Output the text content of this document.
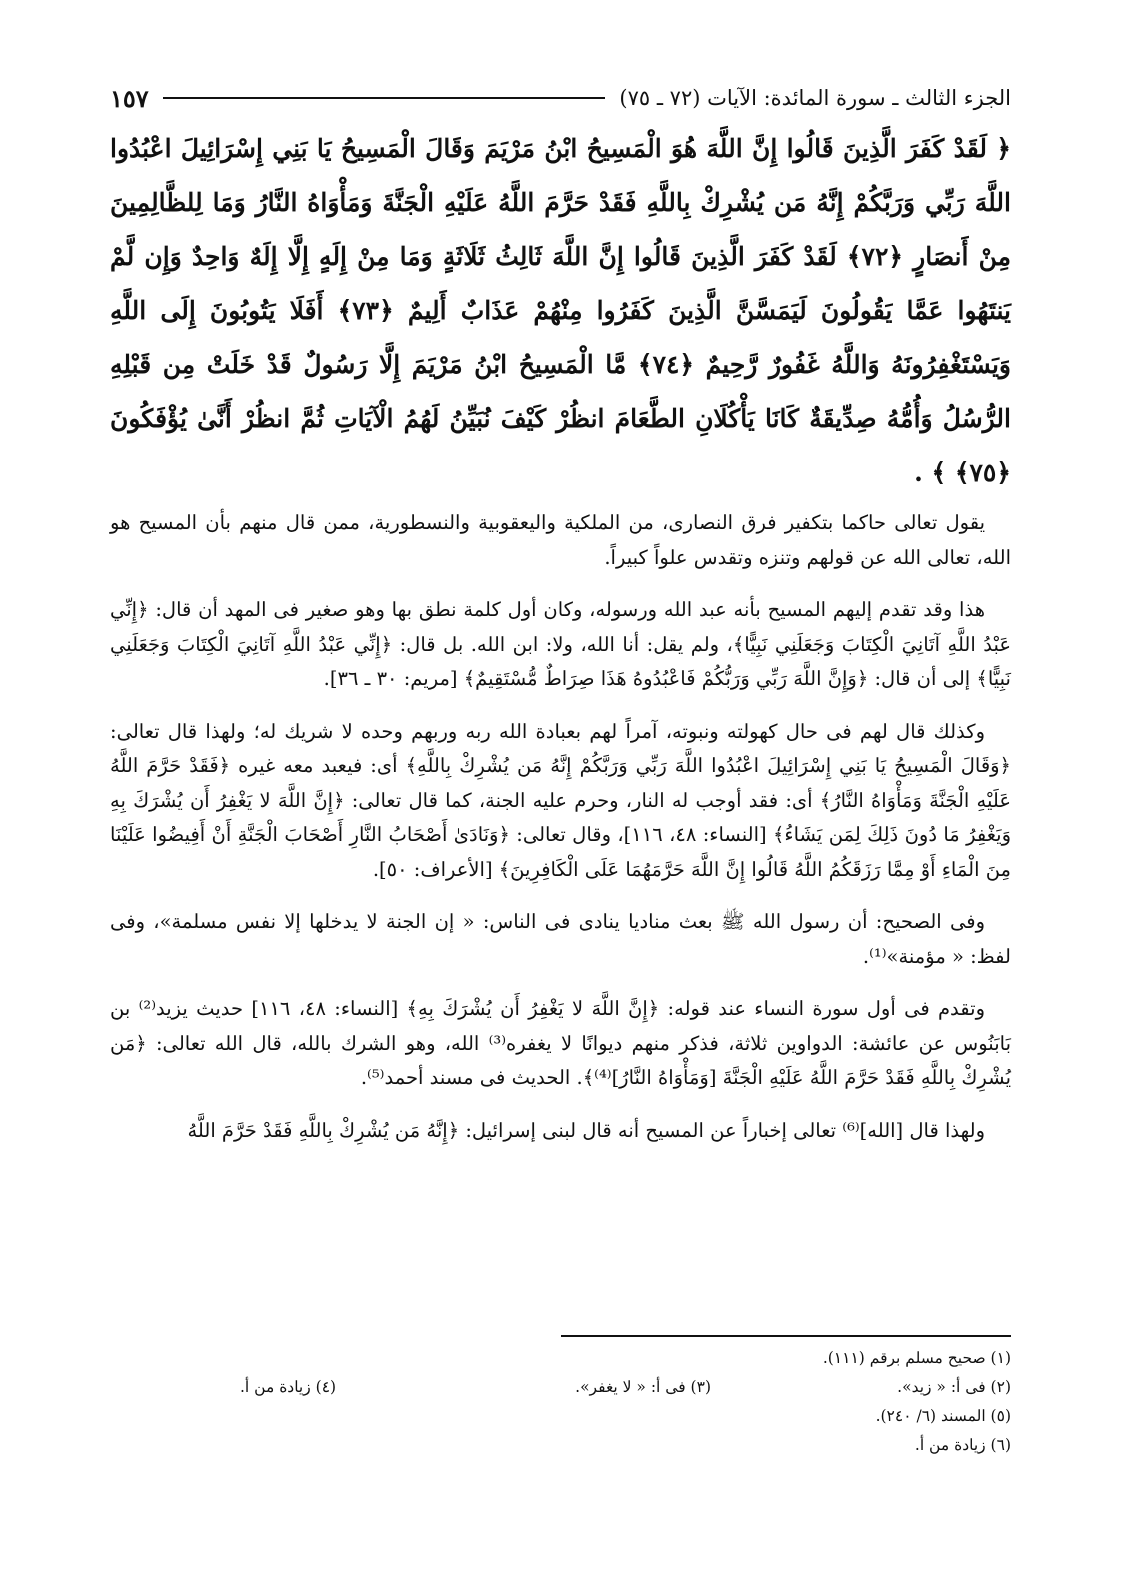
الجزء الثالث ـ سورة المائدة: الآيات (٧٢ ـ ٧٥)
١٥٧

﴿ لَقَدْ كَفَرَ الَّذِينَ قَالُوا إِنَّ اللَّهَ هُوَ الْمَسِيحُ ابْنُ مَرْيَمَ وَقَالَ الْمَسِيحُ يَا بَنِي إِسْرَائِيلَ اعْبُدُوا اللَّهَ رَبِّي وَرَبَّكُمْ إِنَّهُ مَن يُشْرِكْ بِاللَّهِ فَقَدْ حَرَّمَ اللَّهُ عَلَيْهِ الْجَنَّةَ وَمَأْوَاهُ النَّارُ وَمَا لِلظَّالِمِينَ مِنْ أَنصَارٍ ﴿٧٢﴾ لَقَدْ كَفَرَ الَّذِينَ قَالُوا إِنَّ اللَّهَ ثَالِثُ ثَلَاثَةٍ وَمَا مِنْ إِلَهٍ إِلَّا إِلَهٌ وَاحِدٌ وَإِن لَّمْ يَنتَهُوا عَمَّا يَقُولُونَ لَيَمَسَّنَّ الَّذِينَ كَفَرُوا مِنْهُمْ عَذَابٌ أَلِيمٌ ﴿٧٣﴾ أَفَلَا يَتُوبُونَ إِلَى اللَّهِ وَيَسْتَغْفِرُونَهُ وَاللَّهُ غَفُورٌ رَّحِيمٌ ﴿٧٤﴾ مَّا الْمَسِيحُ ابْنُ مَرْيَمَ إِلَّا رَسُولٌ قَدْ خَلَتْ مِن قَبْلِهِ الرُّسُلُ وَأُمُّهُ صِدِّيقَةٌ كَانَا يَأْكُلَانِ الطَّعَامَ انظُرْ كَيْفَ نُبَيِّنُ لَهُمُ الْآيَاتِ ثُمَّ انظُرْ أَنَّىٰ يُؤْفَكُونَ ﴿٧٥﴾ ﴾ .

يقول تعالى حاكما بتكفير فرق النصارى، من الملكية واليعقوبية والنسطورية، ممن قال منهم بأن المسيح هو الله، تعالى الله عن قولهم وتنزه وتقدس علواً كبيراً.

هذا وقد تقدم إليهم المسيح بأنه عبد الله ورسوله، وكان أول كلمة نطق بها وهو صغير فى المهد أن قال: ﴿إِنِّي عَبْدُ اللَّهِ آتَانِيَ الْكِتَابَ وَجَعَلَنِي نَبِيًّا﴾، ولم يقل: أنا الله، ولا: ابن الله. بل قال: ﴿إِنِّي عَبْدُ اللَّهِ آتَانِيَ الْكِتَابَ وَجَعَلَنِي نَبِيًّا﴾ إلى أن قال: ﴿وَإِنَّ اللَّهَ رَبِّي وَرَبُّكُمْ فَاعْبُدُوهُ هَذَا صِرَاطٌ مُّسْتَقِيمٌ﴾ [مريم: ٣٠ ـ ٣٦].

وكذلك قال لهم فى حال كهولته ونبوته، آمراً لهم بعبادة الله ربه وربهم وحده لا شريك له؛ ولهذا قال تعالى: ﴿وَقَالَ الْمَسِيحُ يَا بَنِي إِسْرَائِيلَ اعْبُدُوا اللَّهَ رَبِّي وَرَبَّكُمْ إِنَّهُ مَن يُشْرِكْ بِاللَّهِ﴾ أى: فيعبد معه غيره ﴿فَقَدْ حَرَّمَ اللَّهُ عَلَيْهِ الْجَنَّةَ وَمَأْوَاهُ النَّارُ﴾ أى: فقد أوجب له النار، وحرم عليه الجنة، كما قال تعالى: ﴿إِنَّ اللَّهَ لا يَغْفِرُ أَن يُشْرَكَ بِهِ وَيَغْفِرُ مَا دُونَ ذَلِكَ لِمَن يَشَاءُ﴾ [النساء: ٤٨، ١١٦]، وقال تعالى: ﴿وَنَادَىٰ أَصْحَابُ النَّارِ أَصْحَابَ الْجَنَّةِ أَنْ أَفِيضُوا عَلَيْنَا مِنَ الْمَاءِ أَوْ مِمَّا رَزَقَكُمُ اللَّهُ قَالُوا إِنَّ اللَّهَ حَرَّمَهُمَا عَلَى الْكَافِرِينَ﴾ [الأعراف: ٥٠].

وفى الصحيح: أن رسول الله ﷺ بعث مناديا ينادى فى الناس: « إن الجنة لا يدخلها إلا نفس مسلمة»، وفى لفظ: « مؤمنة»⁽¹⁾.

وتقدم فى أول سورة النساء عند قوله: ﴿إِنَّ اللَّهَ لا يَغْفِرُ أَن يُشْرَكَ بِهِ﴾ [النساء: ٤٨، ١١٦] حديث يزيد⁽²⁾ بن بَابَنُوس عن عائشة: الدواوين ثلاثة، فذكر منهم ديوانًا لا يغفره⁽³⁾ الله، وهو الشرك بالله، قال الله تعالى: ﴿مَن يُشْرِكْ بِاللَّهِ فَقَدْ حَرَّمَ اللَّهُ عَلَيْهِ الْجَنَّةَ [وَمَأْوَاهُ النَّارُ]⁽⁴⁾﴾. الحديث فى مسند أحمد⁽⁵⁾.

ولهذا قال [الله]⁽⁶⁾ تعالى إخباراً عن المسيح أنه قال لبنى إسرائيل: ﴿إِنَّهُ مَن يُشْرِكْ بِاللَّهِ فَقَدْ حَرَّمَ اللَّهُ

(١) صحيح مسلم برقم (١١١).
(٢) فى أ: « زيد».
(٣) فى أ: « لا يغفر».
(٤) زيادة من أ.
(٥) المسند (٦/ ٢٤٠).
(٦) زيادة من أ.
